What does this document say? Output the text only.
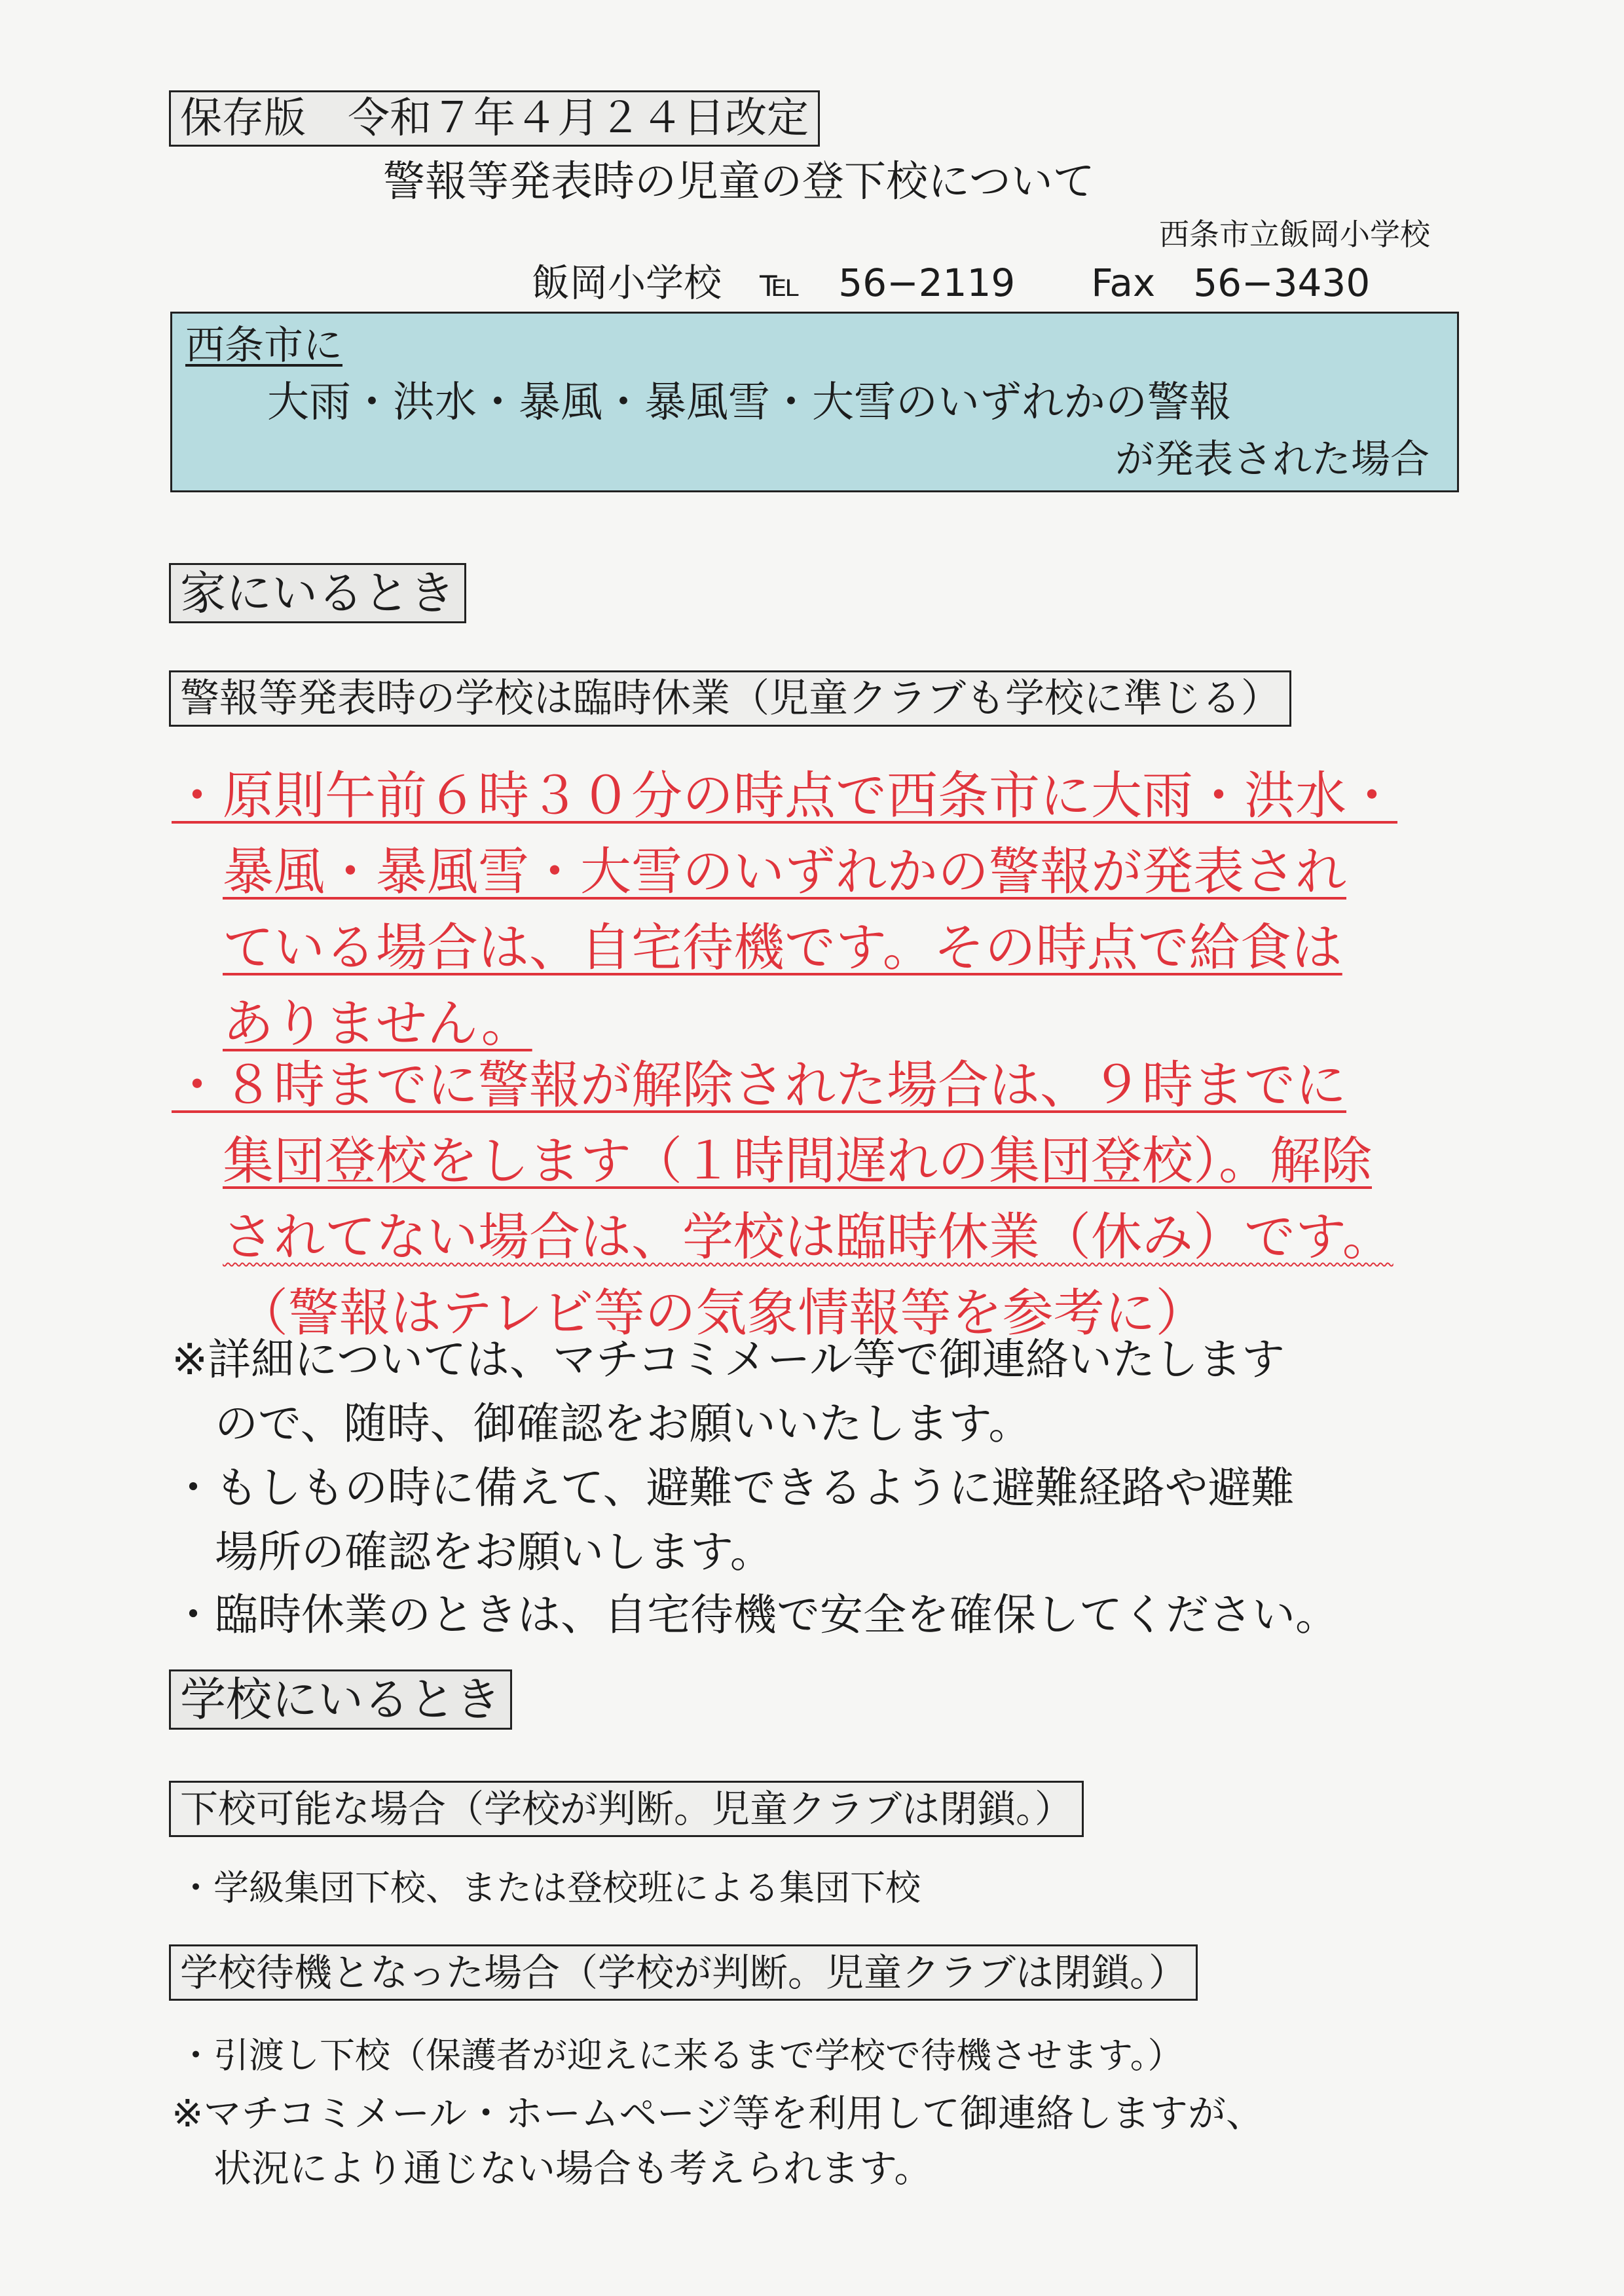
保存版　令和７年４月２４日改定
警報等発表時の児童の登下校について
西条市立飯岡小学校
飯岡小学校　℡　56−2119　　Fax　56−3430
西条市に
大雨・洪水・暴風・暴風雪・大雪のいずれかの警報
が発表された場合
家にいるとき
警報等発表時の学校は臨時休業（児童クラブも学校に準じる）
・原則午前６時３０分の時点で西条市に大雨・洪水・
暴風・暴風雪・大雪のいずれかの警報が発表され
ている場合は、自宅待機です。その時点で給食は
ありません。
・８時までに警報が解除された場合は、９時までに
集団登校をします（１時間遅れの集団登校）。解除
されてない場合は、学校は臨時休業（休み）です。
（警報はテレビ等の気象情報等を参考に）
※詳細については、マチコミメール等で御連絡いたします
ので、随時、御確認をお願いいたします。
・もしもの時に備えて、避難できるように避難経路や避難
場所の確認をお願いします。
・臨時休業のときは、自宅待機で安全を確保してください。
学校にいるとき
下校可能な場合（学校が判断。児童クラブは閉鎖。）
・学級集団下校、または登校班による集団下校
学校待機となった場合（学校が判断。児童クラブは閉鎖。）
・引渡し下校（保護者が迎えに来るまで学校で待機させます。）
※マチコミメール・ホームページ等を利用して御連絡しますが、
状況により通じない場合も考えられます。
